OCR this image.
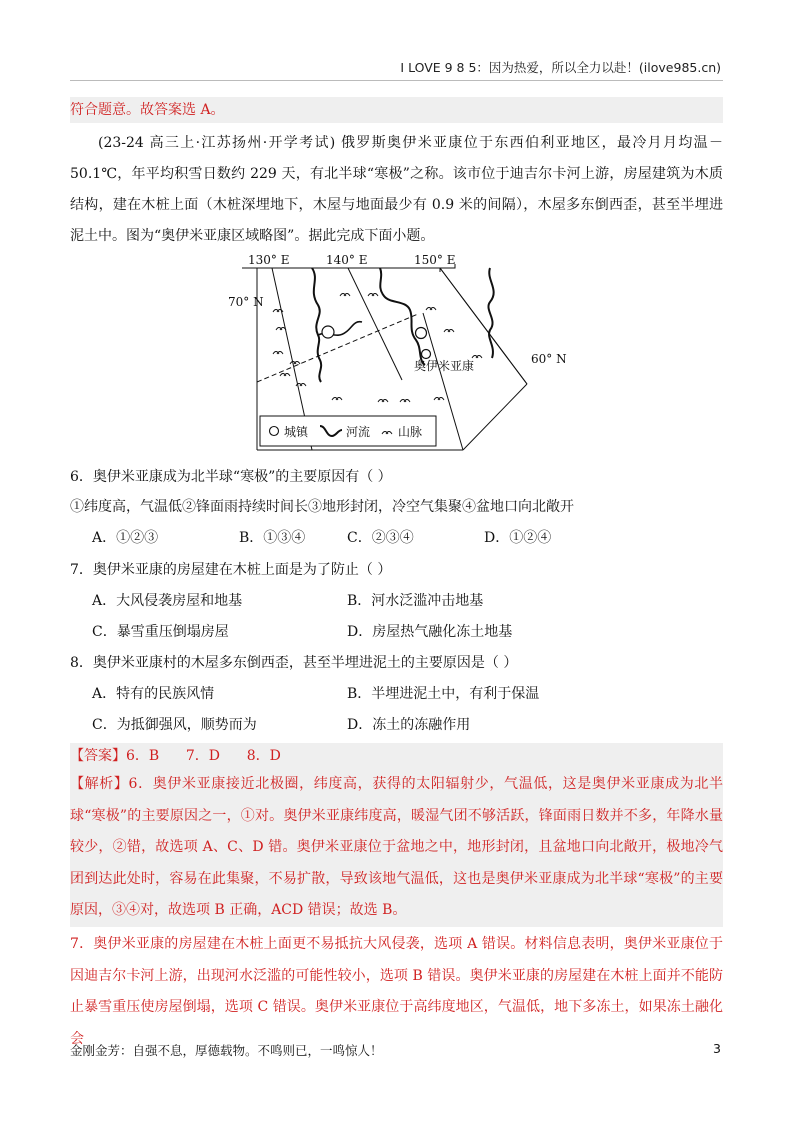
I LOVE 9 8 5：因为热爱，所以全力以赴！(ilove985.cn)
符合题意。故答案选 A。
(23-24 高三上·江苏扬州·开学考试) 俄罗斯奥伊米亚康位于东西伯利亚地区，最冷月月均温－50.1℃，年平均积雪日数约 229 天，有北半球“寒极”之称。该市位于迪吉尔卡河上游，房屋建筑为木质结构，建在木桩上面（木桩深埋地下，木屋与地面最少有 0.9 米的间隔），木屋多东倒西歪，甚至半埋进泥土中。图为“奥伊米亚康区域略图”。据此完成下面小题。
130° E	140° E	150° E
70° N
奥伊米亚康
城镇	河流 山脉
60° N
6．奥伊米亚康成为北半球“寒极”的主要原因有（ ）
①纬度高，气温低②锋面雨持续时间长③地形封闭，冷空气集聚④盆地口向北敞开
A．①②③	B．①③④	C．②③④	D．①②④
7．奥伊米亚康的房屋建在木桩上面是为了防止（ ）
A．大风侵袭房屋和地基	B．河水泛滥冲击地基
C．暴雪重压倒塌房屋	D．房屋热气融化冻土地基
8．奥伊米亚康村的木屋多东倒西歪，甚至半埋进泥土的主要原因是（ ）
A．特有的民族风情	B．半埋进泥土中，有利于保温
C．为抵御强风，顺势而为	D．冻土的冻融作用
【答案】6．B      7．D      8．D
【解析】6．奥伊米亚康接近北极圈，纬度高，获得的太阳辐射少，气温低，这是奥伊米亚康成为北半球“寒极”的主要原因之一，①对。奥伊米亚康纬度高，暖湿气团不够活跃，锋面雨日数并不多，年降水量较少，②错，故选项 A、C、D 错。奥伊米亚康位于盆地之中，地形封闭，且盆地口向北敞开，极地冷气团到达此处时，容易在此集聚，不易扩散，导致该地气温低，这也是奥伊米亚康成为北半球“寒极”的主要原因，③④对，故选项 B 正确，ACD 错误；故选 B。
7．奥伊米亚康的房屋建在木桩上面更不易抵抗大风侵袭，选项 A 错误。材料信息表明，奥伊米亚康位于因迪吉尔卡河上游，出现河水泛滥的可能性较小，选项 B 错误。奥伊米亚康的房屋建在木桩上面并不能防止暴雪重压使房屋倒塌，选项 C 错误。奥伊米亚康位于高纬度地区，气温低，地下多冻土，如果冻土融化会
金刚金芳：自强不息，厚德载物。不鸣则已，一鸣惊人！	3
